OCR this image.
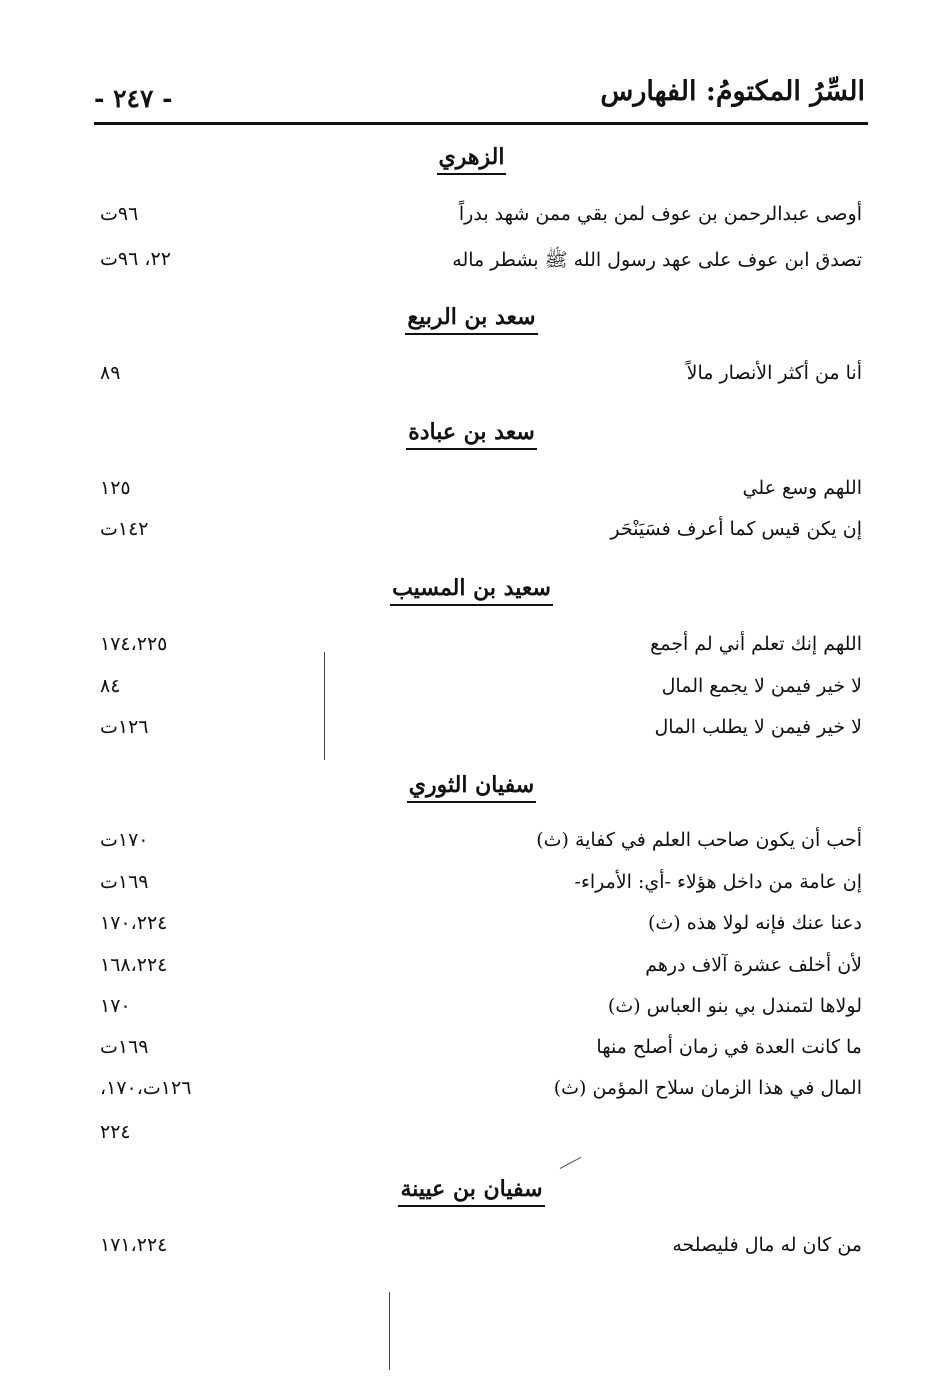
السِّرُ المكتومُ: الفهارس
- ٢٤٧ -
الزهري
أوصى عبدالرحمن بن عوف لمن بقي ممن شهد بدراً
٩٦ت
تصدق ابن عوف على عهد رسول الله ﷺ بشطر ماله
٢٢، ٩٦ت
سعد بن الربيع
أنا من أكثر الأنصار مالاً
٨٩
سعد بن عبادة
اللهم وسع علي
١٢٥
إن يكن قيس كما أعرف فسَيَنْحَر
١٤٢ت
سعيد بن المسيب
اللهم إنك تعلم أني لم أجمع
١٧٤،٢٢٥
لا خير فيمن لا يجمع المال
٨٤
لا خير فيمن لا يطلب المال
١٢٦ت
سفيان الثوري
أحب أن يكون صاحب العلم في كفاية (ث)
١٧٠ت
إن عامة من داخل هؤلاء -أي: الأمراء-
١٦٩ت
دعنا عنك فإنه لولا هذه (ث)
١٧٠،٢٢٤
لأن أخلف عشرة آلاف درهم
١٦٨،٢٢٤
لولاها لتمندل بي بنو العباس (ث)
١٧٠
ما كانت العدة في زمان أصلح منها
١٦٩ت
المال في هذا الزمان سلاح المؤمن (ث)
١٢٦ت،١٧٠،
٢٢٤
سفيان بن عيينة
من كان له مال فليصلحه
١٧١،٢٢٤
